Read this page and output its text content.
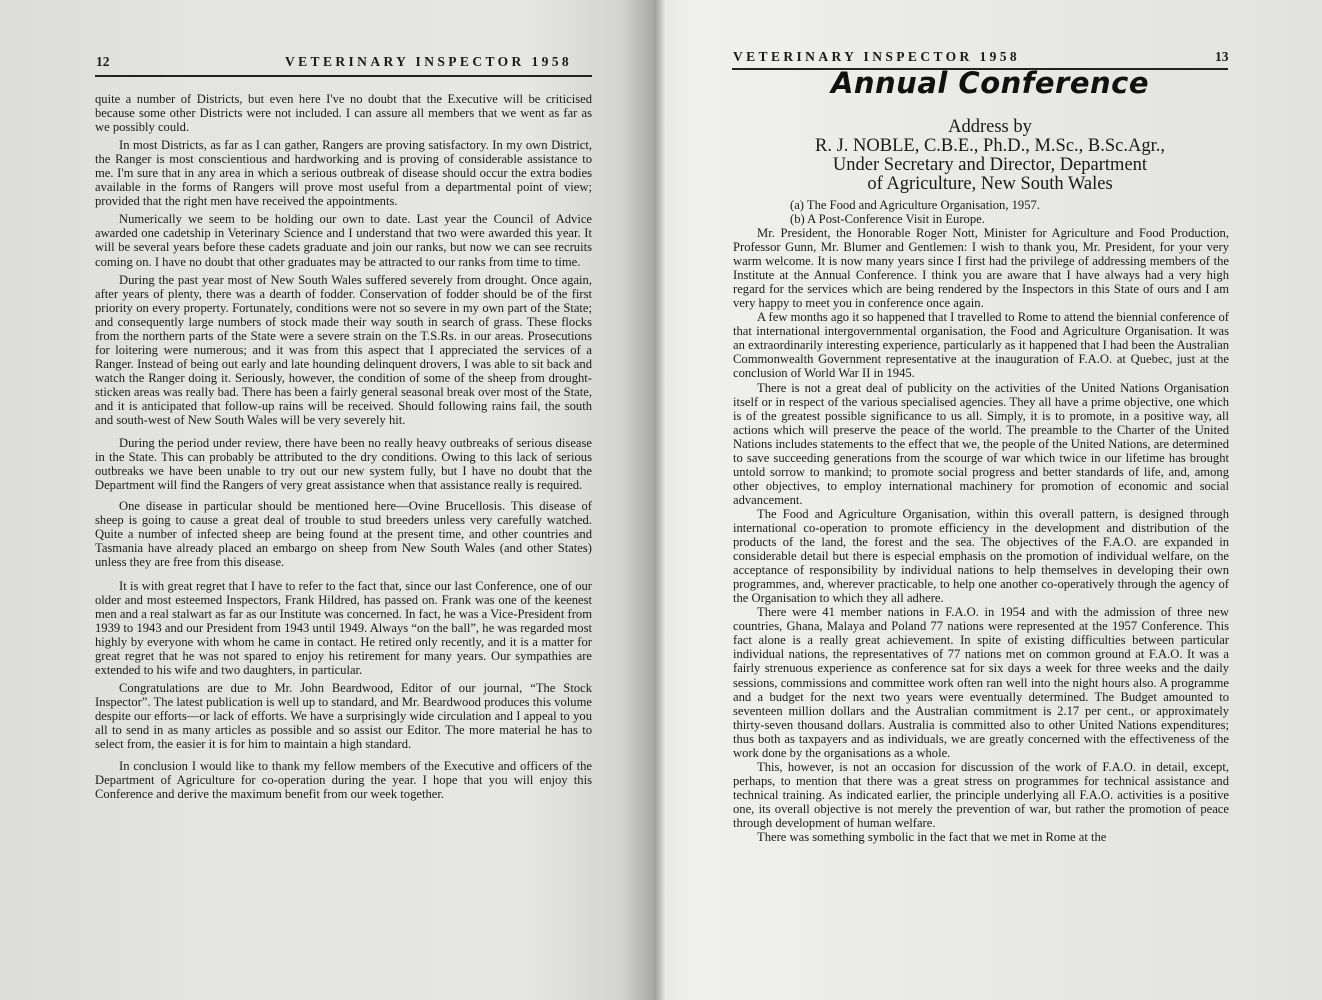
12	VETERINARY INSPECTOR 1958

quite a number of Districts, but even here I've no doubt that the Executive will be criticised because some other Districts were not included. I can assure all members that we went as far as we possibly could.

In most Districts, as far as I can gather, Rangers are proving satisfactory. In my own District, the Ranger is most conscientious and hardworking and is proving of considerable assistance to me. I'm sure that in any area in which a serious outbreak of disease should occur the extra bodies available in the forms of Rangers will prove most useful from a departmental point of view; provided that the right men have received the appointments.

Numerically we seem to be holding our own to date. Last year the Council of Advice awarded one cadetship in Veterinary Science and I understand that two were awarded this year. It will be several years before these cadets graduate and join our ranks, but now we can see recruits coming on. I have no doubt that other graduates may be attracted to our ranks from time to time.

During the past year most of New South Wales suffered severely from drought. Once again, after years of plenty, there was a dearth of fodder. Conservation of fodder should be of the first priority on every property. Fortunately, conditions were not so severe in my own part of the State; and consequently large numbers of stock made their way south in search of grass. These flocks from the northern parts of the State were a severe strain on the T.S.Rs. in our areas. Prosecutions for loitering were numerous; and it was from this aspect that I appreciated the services of a Ranger. Instead of being out early and late hounding delinquent drovers, I was able to sit back and watch the Ranger doing it. Seriously, however, the condition of some of the sheep from drought-sticken areas was really bad. There has been a fairly general seasonal break over most of the State, and it is anticipated that follow-up rains will be received. Should following rains fail, the south and south-west of New South Wales will be very severely hit.

During the period under review, there have been no really heavy outbreaks of serious disease in the State. This can probably be attributed to the dry conditions. Owing to this lack of serious outbreaks we have been unable to try out our new system fully, but I have no doubt that the Department will find the Rangers of very great assistance when that assistance really is required.

One disease in particular should be mentioned here—Ovine Brucellosis. This disease of sheep is going to cause a great deal of trouble to stud breeders unless very carefully watched. Quite a number of infected sheep are being found at the present time, and other countries and Tasmania have already placed an embargo on sheep from New South Wales (and other States) unless they are free from this disease.

It is with great regret that I have to refer to the fact that, since our last Conference, one of our older and most esteemed Inspectors, Frank Hildred, has passed on. Frank was one of the keenest men and a real stalwart as far as our Institute was concerned. In fact, he was a Vice-President from 1939 to 1943 and our President from 1943 until 1949. Always “on the ball”, he was regarded most highly by everyone with whom he came in contact. He retired only recently, and it is a matter for great regret that he was not spared to enjoy his retirement for many years. Our sympathies are extended to his wife and two daughters, in particular.

Congratulations are due to Mr. John Beardwood, Editor of our journal, “The Stock Inspector”. The latest publication is well up to standard, and Mr. Beardwood produces this volume despite our efforts—or lack of efforts. We have a surprisingly wide circulation and I appeal to you all to send in as many articles as possible and so assist our Editor. The more material he has to select from, the easier it is for him to maintain a high standard.

In conclusion I would like to thank my fellow members of the Executive and officers of the Department of Agriculture for co-operation during the year. I hope that you will enjoy this Conference and derive the maximum benefit from our week together.

VETERINARY INSPECTOR 1958	13
Annual Conference
Address by
R. J. NOBLE, C.B.E., Ph.D., M.Sc., B.Sc.Agr.,
Under Secretary and Director, Department
of Agriculture, New South Wales
(a) The Food and Agriculture Organisation, 1957.
(b) A Post-Conference Visit in Europe.

Mr. President, the Honorable Roger Nott, Minister for Agriculture and Food Production, Professor Gunn, Mr. Blumer and Gentlemen: I wish to thank you, Mr. President, for your very warm welcome. It is now many years since I first had the privilege of addressing members of the Institute at the Annual Conference. I think you are aware that I have always had a very high regard for the services which are being rendered by the Inspectors in this State of ours and I am very happy to meet you in conference once again.

A few months ago it so happened that I travelled to Rome to attend the biennial conference of that international intergovernmental organisation, the Food and Agriculture Organisation. It was an extraordinarily interesting experience, particularly as it happened that I had been the Australian Commonwealth Government representative at the inauguration of F.A.O. at Quebec, just at the conclusion of World War II in 1945.

There is not a great deal of publicity on the activities of the United Nations Organisation itself or in respect of the various specialised agencies. They all have a prime objective, one which is of the greatest possible significance to us all. Simply, it is to promote, in a positive way, all actions which will preserve the peace of the world. The preamble to the Charter of the United Nations includes statements to the effect that we, the people of the United Nations, are determined to save succeeding generations from the scourge of war which twice in our lifetime has brought untold sorrow to mankind; to promote social progress and better standards of life, and, among other objectives, to employ international machinery for promotion of economic and social advancement.

The Food and Agriculture Organisation, within this overall pattern, is designed through international co-operation to promote efficiency in the development and distribution of the products of the land, the forest and the sea. The objectives of the F.A.O. are expanded in considerable detail but there is especial emphasis on the promotion of individual welfare, on the acceptance of responsibility by individual nations to help themselves in developing their own programmes, and, wherever practicable, to help one another co-operatively through the agency of the Organisation to which they all adhere.

There were 41 member nations in F.A.O. in 1954 and with the admission of three new countries, Ghana, Malaya and Poland 77 nations were represented at the 1957 Conference. This fact alone is a really great achievement. In spite of existing difficulties between particular individual nations, the representatives of 77 nations met on common ground at F.A.O. It was a fairly strenuous experience as conference sat for six days a week for three weeks and the daily sessions, commissions and committee work often ran well into the night hours also. A programme and a budget for the next two years were eventually determined. The Budget amounted to seventeen million dollars and the Australian commitment is 2.17 per cent., or approximately thirty-seven thousand dollars. Australia is committed also to other United Nations expenditures; thus both as taxpayers and as individuals, we are greatly concerned with the effectiveness of the work done by the organisations as a whole.

This, however, is not an occasion for discussion of the work of F.A.O. in detail, except, perhaps, to mention that there was a great stress on programmes for technical assistance and technical training. As indicated earlier, the principle underlying all F.A.O. activities is a positive one, its overall objective is not merely the prevention of war, but rather the promotion of peace through development of human welfare.

There was something symbolic in the fact that we met in Rome at the
